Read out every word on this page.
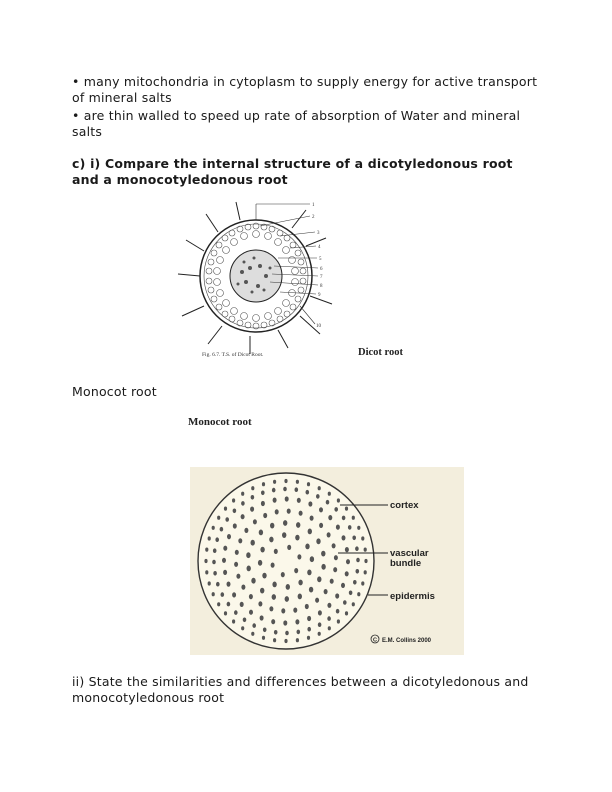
• many mitochondria in cytoplasm to supply energy for active transport of mineral salts
• are thin walled to speed up rate of absorption of Water and mineral salts
c) i) Compare the internal structure of a dicotyledonous root and a monocotyledonous root
1
2
3
4
5
6
7
8
9
10
Fig. 6.7. T.S. of Dicot Root.	Dicot root
Monocot root
Monocot root
cortex
vascular
bundle
epidermis
C E.M. Collins 2000
ii) State the similarities and differences between a dicotyledonous and monocotyledonous root
